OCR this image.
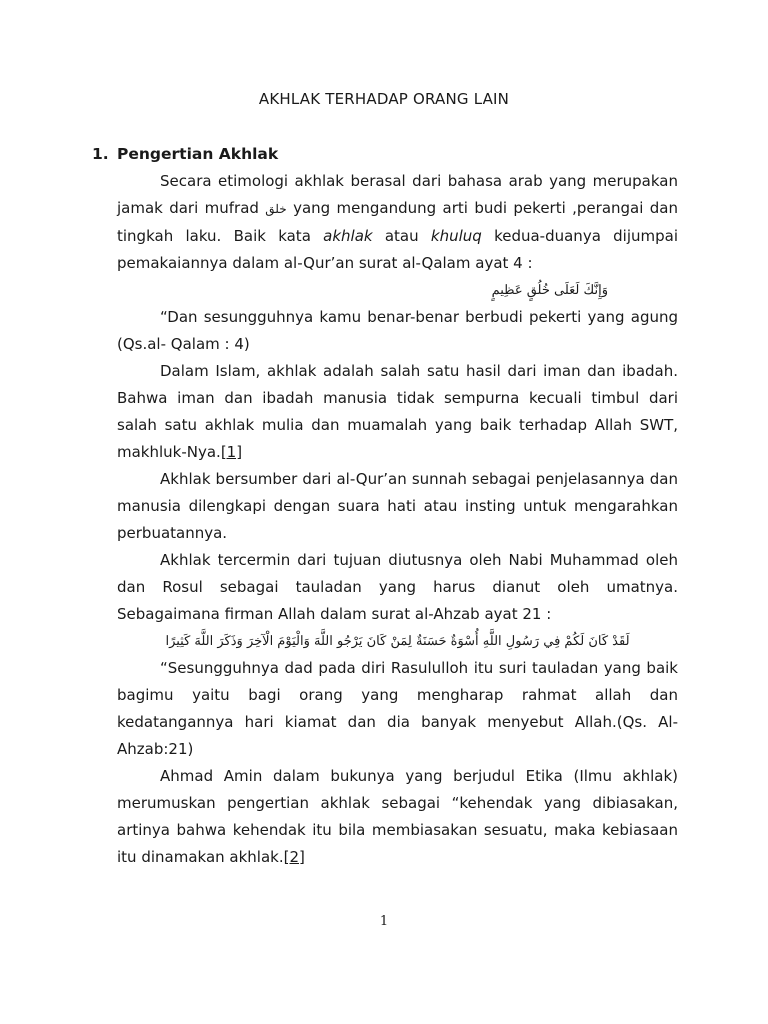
AKHLAK TERHADAP ORANG LAIN
1. Pengertian Akhlak

Secara etimologi akhlak berasal dari bahasa arab yang merupakan jamak dari mufrad خلق yang mengandung arti budi pekerti ,perangai dan tingkah laku. Baik kata akhlak atau khuluq kedua-duanya dijumpai pemakaiannya dalam al-Qur’an surat al-Qalam ayat 4 :

وَإِنَّكَ لَعَلَى خُلُقٍ عَظِيمٍ

“Dan sesungguhnya kamu benar-benar berbudi pekerti yang agung (Qs.al- Qalam : 4)

Dalam Islam, akhlak adalah salah satu hasil dari iman dan ibadah. Bahwa iman dan ibadah manusia tidak sempurna kecuali timbul dari salah satu akhlak mulia dan muamalah yang baik terhadap Allah SWT, makhluk-Nya.[1]

Akhlak bersumber dari al-Qur’an sunnah sebagai penjelasannya dan manusia dilengkapi dengan suara hati atau insting untuk mengarahkan perbuatannya.

Akhlak tercermin dari tujuan diutusnya oleh Nabi Muhammad oleh dan Rosul sebagai tauladan yang harus dianut oleh umatnya. Sebagaimana firman Allah dalam surat al-Ahzab ayat 21 :

لَقَدْ كَانَ لَكُمْ فِي رَسُولِ اللَّهِ أُسْوَةٌ حَسَنَةٌ لِمَنْ كَانَ يَرْجُو اللَّهَ وَالْيَوْمَ الْآخِرَ وَذَكَرَ اللَّهَ كَثِيرًا

“Sesungguhnya dad pada diri Rasululloh itu suri tauladan yang baik bagimu yaitu bagi orang yang mengharap rahmat allah dan kedatangannya hari kiamat dan dia banyak menyebut Allah.(Qs. Al-Ahzab:21)

Ahmad Amin dalam bukunya yang berjudul Etika (Ilmu akhlak) merumuskan pengertian akhlak sebagai “kehendak yang dibiasakan, artinya bahwa kehendak itu bila membiasakan sesuatu, maka kebiasaan itu dinamakan akhlak.[2]

1
